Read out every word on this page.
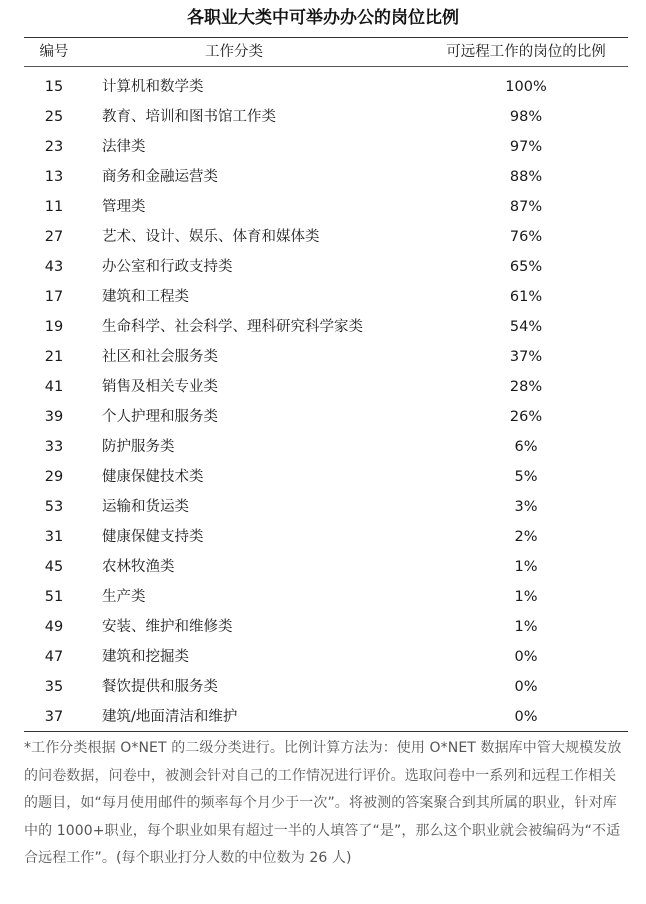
各职业大类中可举办办公的岗位比例
编号	工作分类	可远程工作的岗位的比例
15	计算机和数学类	100%
25	教育、培训和图书馆工作类	98%
23	法律类	97%
13	商务和金融运营类	88%
11	管理类	87%
27	艺术、设计、娱乐、体育和媒体类	76%
43	办公室和行政支持类	65%
17	建筑和工程类	61%
19	生命科学、社会科学、理科研究科学家类	54%
21	社区和社会服务类	37%
41	销售及相关专业类	28%
39	个人护理和服务类	26%
33	防护服务类	6%
29	健康保健技术类	5%
53	运输和货运类	3%
31	健康保健支持类	2%
45	农林牧渔类	1%
51	生产类	1%
49	安装、维护和维修类	1%
47	建筑和挖掘类	0%
35	餐饮提供和服务类	0%
37	建筑/地面清洁和维护	0%
*工作分类根据 O*NET 的二级分类进行。比例计算方法为：使用 O*NET 数据库中管大规模发放的问卷数据，问卷中，被测会针对自己的工作情况进行评价。选取问卷中一系列和远程工作相关的题目，如“每月使用邮件的频率每个月少于一次”。将被测的答案聚合到其所属的职业，针对库中的 1000+职业，每个职业如果有超过一半的人填答了“是”，那么这个职业就会被编码为“不适合远程工作”。(每个职业打分人数的中位数为 26 人)
